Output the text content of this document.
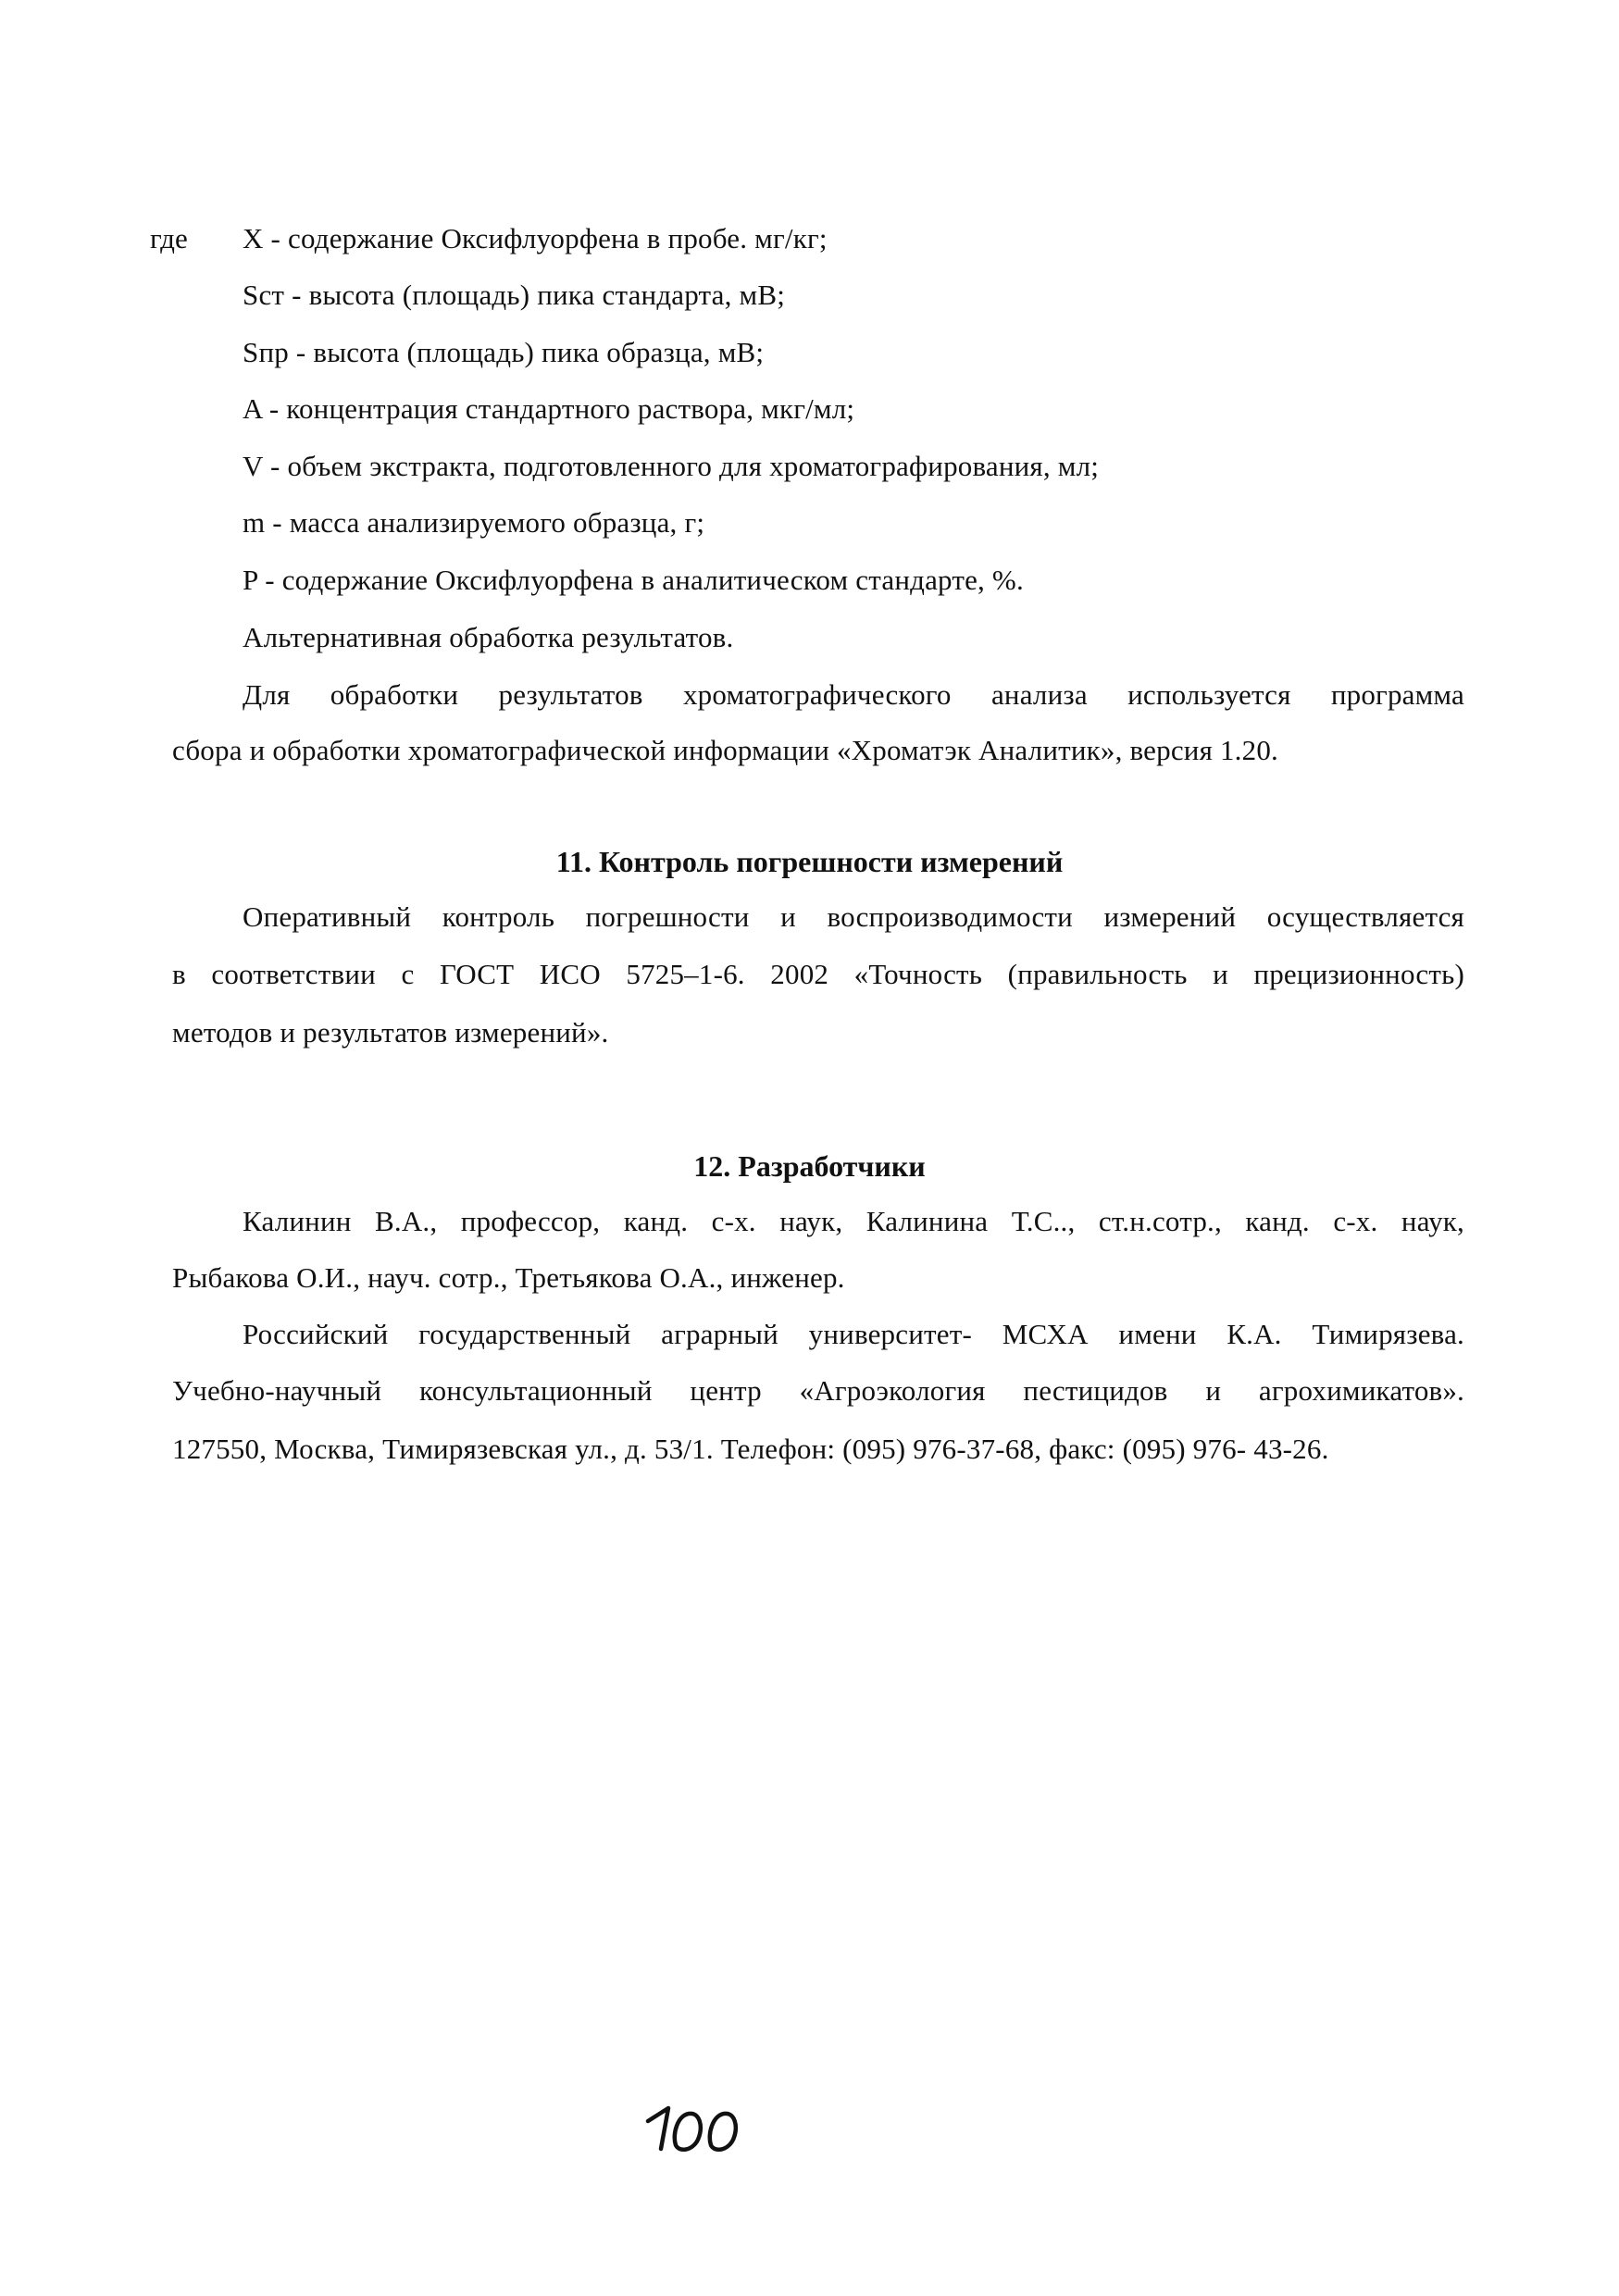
где X - содержание Оксифлуорфена в пробе. мг/кг;
Sст - высота (площадь) пика стандарта, мВ;
Sпр - высота (площадь) пика образца, мВ;
A - концентрация стандартного раствора, мкг/мл;
V - объем экстракта, подготовленного для хроматографирования, мл;
m - масса анализируемого образца, г;
P - содержание Оксифлуорфена в аналитическом стандарте, %.
Альтернативная обработка результатов.
Для обработки результатов хроматографического анализа используется программа
сбора и обработки хроматографической информации «Хроматэк Аналитик», версия 1.20.
11. Контроль погрешности измерений
Оперативный контроль погрешности и воспроизводимости измерений осуществляется
в соответствии с ГОСТ ИСО 5725–1-6. 2002 «Точность (правильность и прецизионность)
методов и результатов измерений».
12. Разработчики
Калинин В.А., профессор, канд. с-х. наук, Калинина Т.С.., ст.н.сотр., канд. с-х. наук,
Рыбакова О.И., науч. сотр., Третьякова О.А., инженер.
Российский государственный аграрный университет- МСХА имени К.А. Тимирязева.
Учебно-научный консультационный центр «Агроэкология пестицидов и агрохимикатов».
127550, Москва, Тимирязевская ул., д. 53/1. Телефон: (095) 976-37-68, факс: (095) 976- 43-26.
